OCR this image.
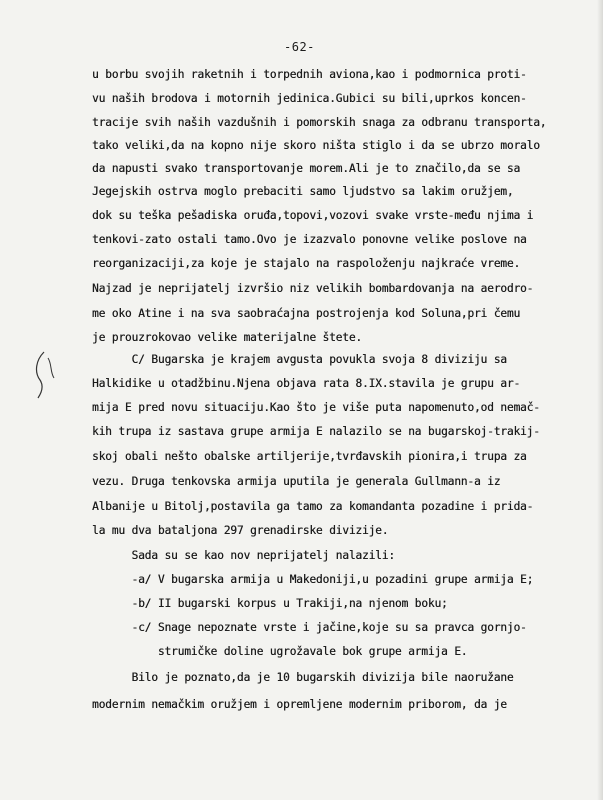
-62-
u borbu svojih raketnih i torpednih aviona,kao i podmornica proti-
vu naših brodova i motornih jedinica.Gubici su bili,uprkos koncen-
tracije svih naših vazdušnih i pomorskih snaga za odbranu transporta,
tako veliki,da na kopno nije skoro ništa stiglo i da se ubrzo moralo
da napusti svako transportovanje morem.Ali je to značilo,da se sa
Jegejskih ostrva moglo prebaciti samo ljudstvo sa lakim oružjem,
dok su teška pešadiska oruđa,topovi,vozovi svake vrste-među njima i
tenkovi-zato ostali tamo.Ovo je izazvalo ponovne velike poslove na
reorganizaciji,za koje je stajalo na raspoloženju najkraće vreme.
Najzad je neprijatelj izvršio niz velikih bombardovanja na aerodro-
me oko Atine i na sva saobraćajna postrojenja kod Soluna,pri čemu
je prouzrokovao velike materijalne štete.
C/ Bugarska je krajem avgusta povukla svoja 8 diviziju sa
Halkidike u otadžbinu.Njena objava rata 8.IX.stavila je grupu ar-
mija E pred novu situaciju.Kao što je više puta napomenuto,od nemač-
kih trupa iz sastava grupe armija E nalazilo se na bugarskoj-trakij-
skoj obali nešto obalske artiljerije,tvrđavskih pionira,i trupa za
vezu. Druga tenkovska armija uputila je generala Gullmann-a iz
Albanije u Bitolj,postavila ga tamo za komandanta pozadine i prida-
la mu dva bataljona 297 grenadirske divizije.
Sada su se kao nov neprijatelj nalazili:
-a/ V bugarska armija u Makedoniji,u pozadini grupe armija E;
-b/ II bugarski korpus u Trakiji,na njenom boku;
-c/ Snage nepoznate vrste i jačine,koje su sa pravca gornjo-
strumičke doline ugrožavale bok grupe armija E.
Bilo je poznato,da je 10 bugarskih divizija bile naoružane
modernim nemačkim oružjem i opremljene modernim priborom, da je
